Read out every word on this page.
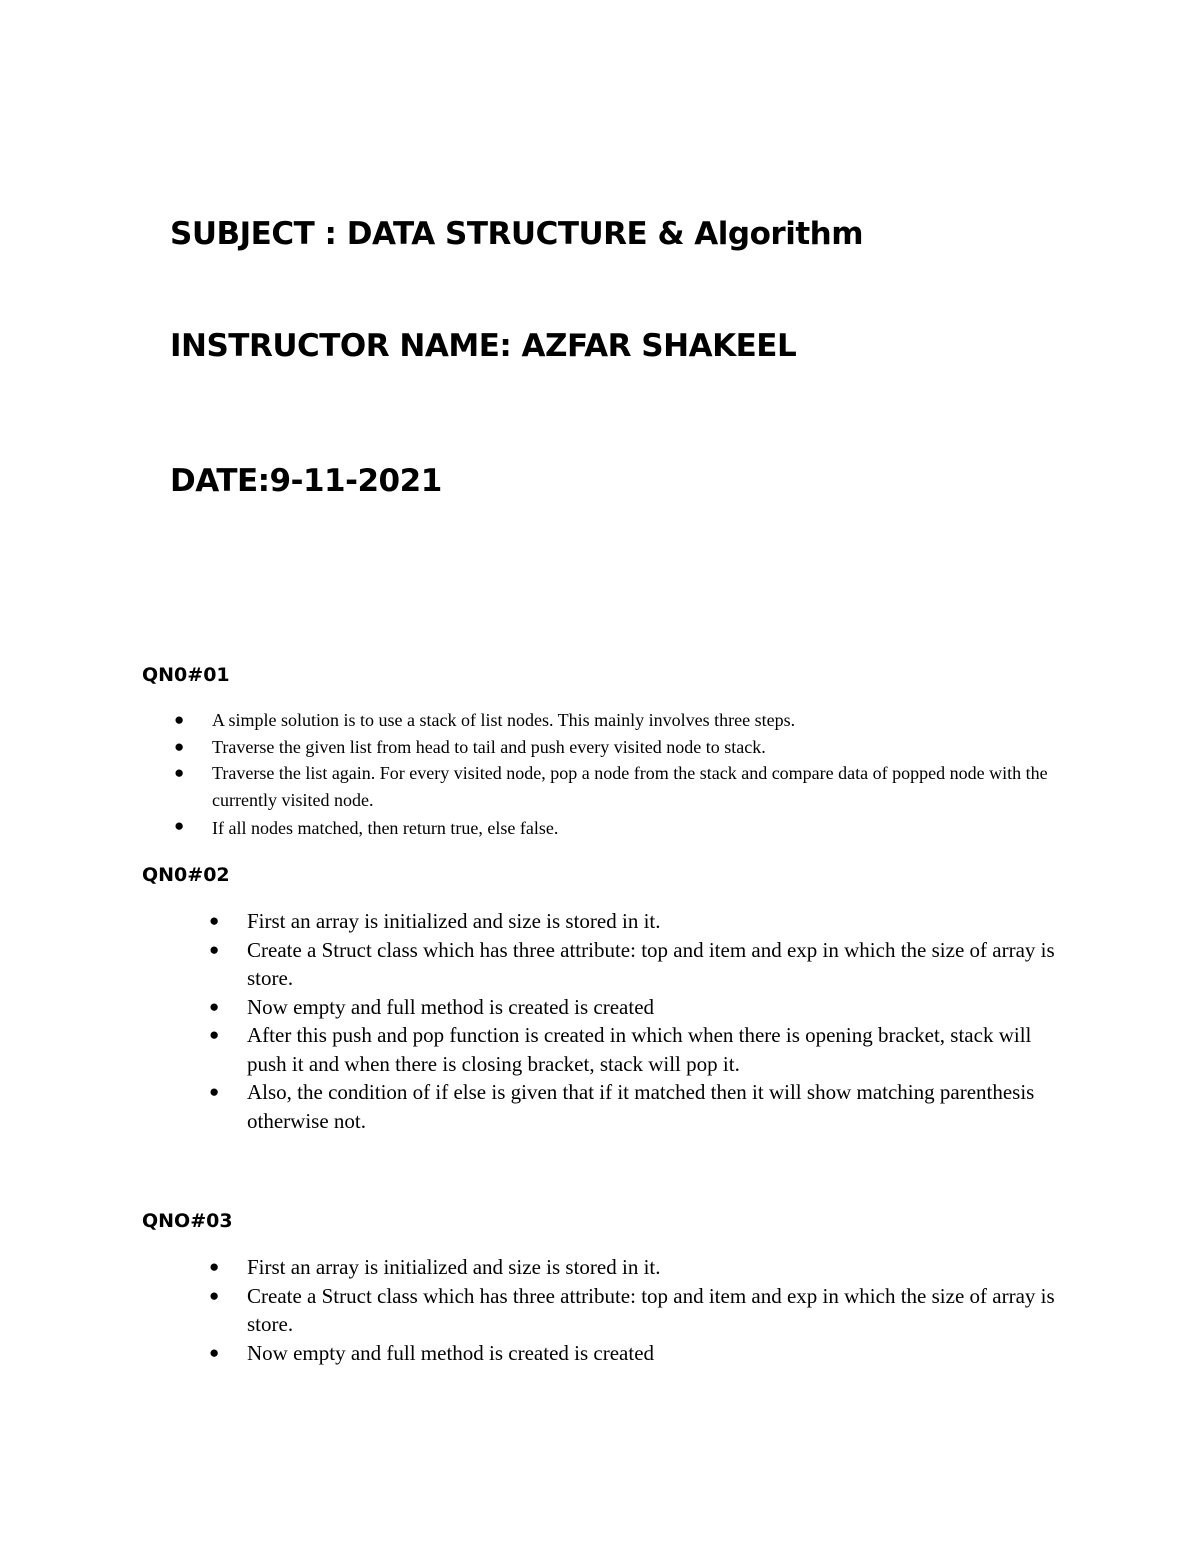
SUBJECT : DATA STRUCTURE & Algorithm
INSTRUCTOR NAME: AZFAR SHAKEEL
DATE:9-11-2021
QN0#01
● A simple solution is to use a stack of list nodes. This mainly involves three steps.
● Traverse the given list from head to tail and push every visited node to stack.
● Traverse the list again. For every visited node, pop a node from the stack and compare data of popped node with the currently visited node.
● If all nodes matched, then return true, else false.
QN0#02
● First an array is initialized and size is stored in it.
● Create a Struct class which has three attribute: top and item and exp in which the size of array is store.
● Now empty and full method is created is created
● After this push and pop function is created in which when there is opening bracket, stack will push it and when there is closing bracket, stack will pop it.
● Also, the condition of if else is given that if it matched then it will show matching parenthesis otherwise not.
QNO#03
● First an array is initialized and size is stored in it.
● Create a Struct class which has three attribute: top and item and exp in which the size of array is store.
● Now empty and full method is created is created
